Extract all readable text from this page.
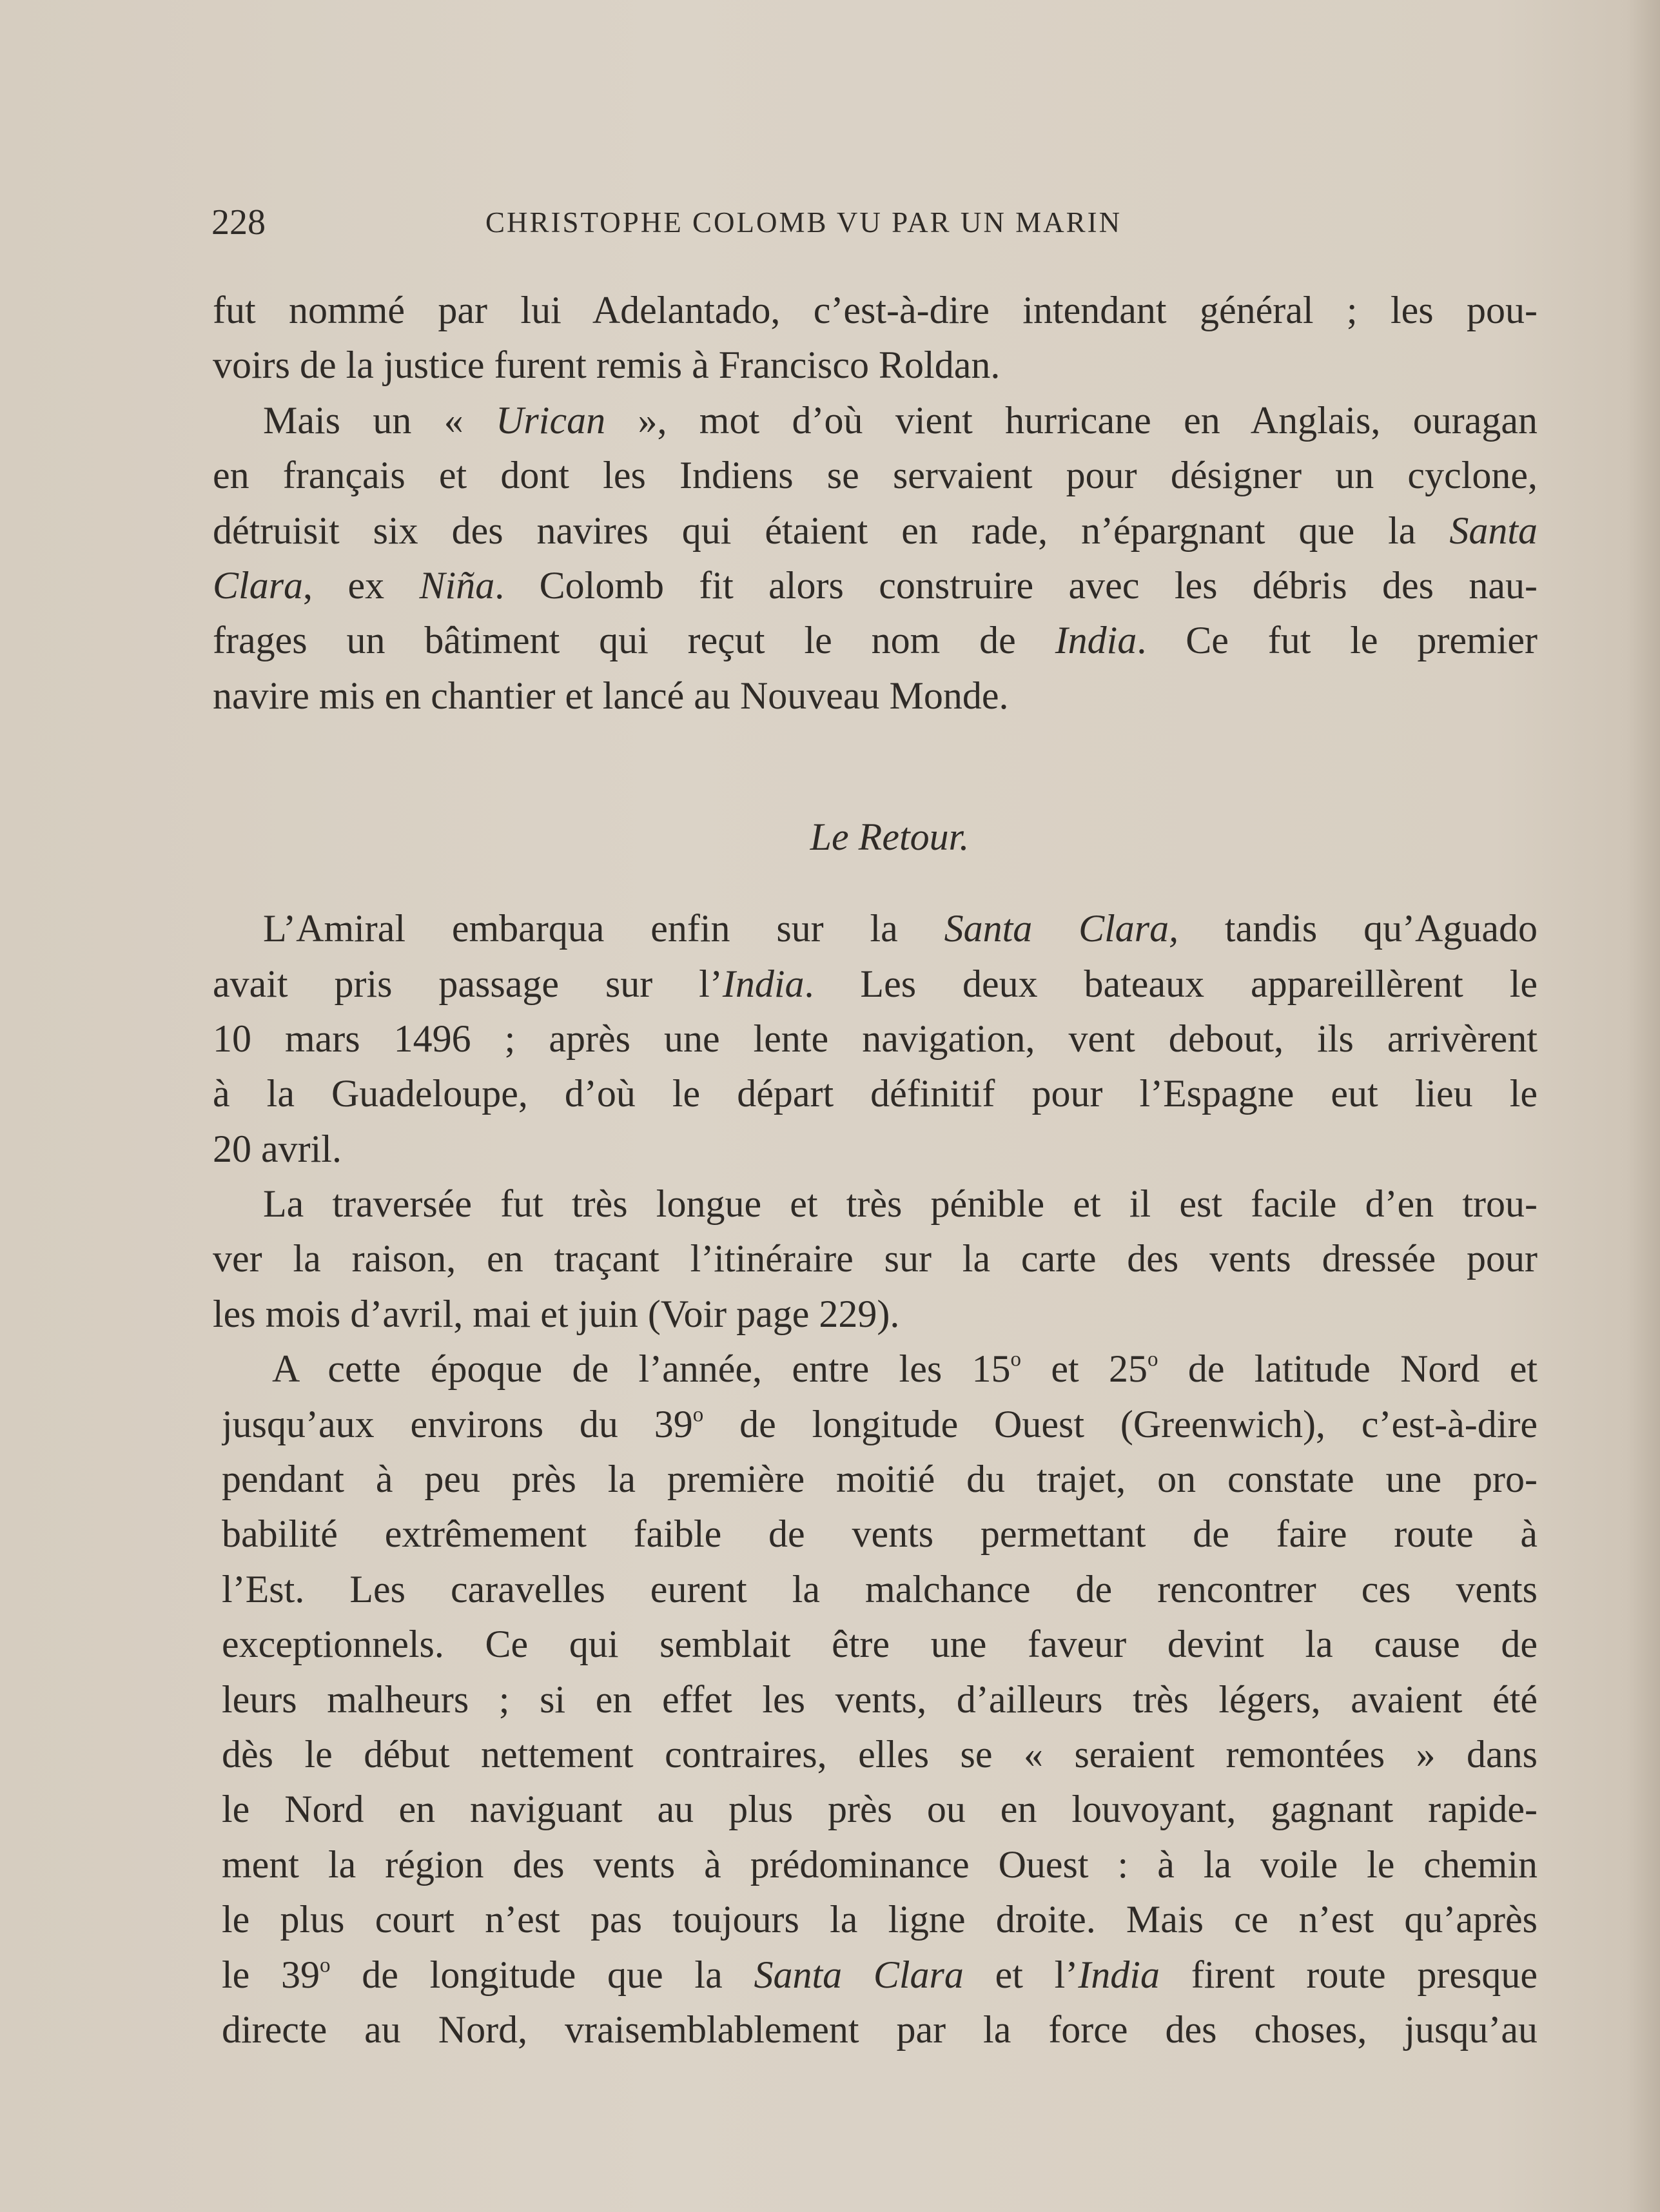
228	CHRISTOPHE COLOMB VU PAR UN MARIN
fut nommé par lui Adelantado, c’est-à-dire intendant général ; les pou-
voirs de la justice furent remis à Francisco Roldan.
Mais un « Urican », mot d’où vient hurricane en Anglais, ouragan
en français et dont les Indiens se servaient pour désigner un cyclone,
détruisit six des navires qui étaient en rade, n’épargnant que la Santa
Clara, ex Niña. Colomb fit alors construire avec les débris des nau-
frages un bâtiment qui reçut le nom de India. Ce fut le premier
navire mis en chantier et lancé au Nouveau Monde.
Le Retour.
L’Amiral embarqua enfin sur la Santa Clara, tandis qu’Aguado
avait pris passage sur l’India. Les deux bateaux appareillèrent le
10 mars 1496 ; après une lente navigation, vent debout, ils arrivèrent
à la Guadeloupe, d’où le départ définitif pour l’Espagne eut lieu le
20 avril.
La traversée fut très longue et très pénible et il est facile d’en trou-
ver la raison, en traçant l’itinéraire sur la carte des vents dressée pour
les mois d’avril, mai et juin (Voir page 229).
A cette époque de l’année, entre les 15$^o$ et 25$^o$ de latitude Nord et
jusqu’aux environs du 39$^o$ de longitude Ouest (Greenwich), c’est-à-dire
pendant à peu près la première moitié du trajet, on constate une pro-
babilité extrêmement faible de vents permettant de faire route à
l’Est. Les caravelles eurent la malchance de rencontrer ces vents
exceptionnels. Ce qui semblait être une faveur devint la cause de
leurs malheurs ; si en effet les vents, d’ailleurs très légers, avaient été
dès le début nettement contraires, elles se « seraient remontées » dans
le Nord en naviguant au plus près ou en louvoyant, gagnant rapide-
ment la région des vents à prédominance Ouest : à la voile le chemin
le plus court n’est pas toujours la ligne droite. Mais ce n’est qu’après
le 39$^o$ de longitude que la Santa Clara et l’India firent route presque
directe au Nord, vraisemblablement par la force des choses, jusqu’au
